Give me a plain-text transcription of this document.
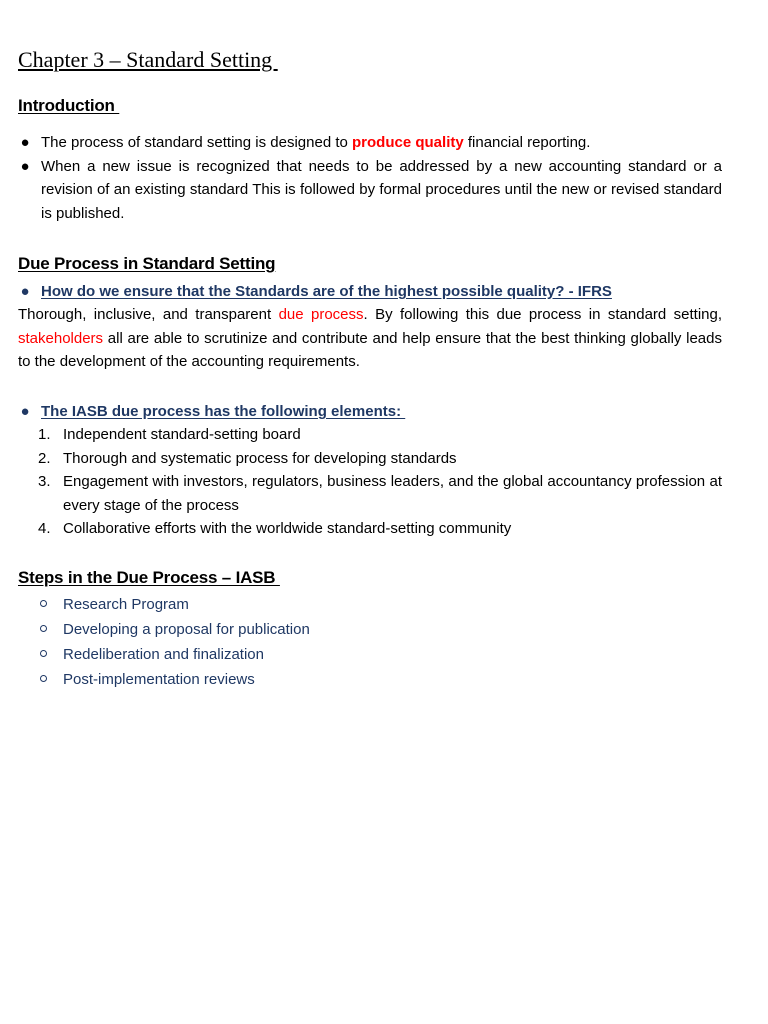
Chapter 3 – Standard Setting
Introduction
● The process of standard setting is designed to produce quality financial reporting.
● When a new issue is recognized that needs to be addressed by a new accounting standard or a revision of an existing standard This is followed by formal procedures until the new or revised standard is published.
Due Process in Standard Setting
● How do we ensure that the Standards are of the highest possible quality? - IFRS

Thorough, inclusive, and transparent due process. By following this due process in standard setting, stakeholders all are able to scrutinize and contribute and help ensure that the best thinking globally leads to the development of the accounting requirements.

● The IASB due process has the following elements:
1. Independent standard-setting board
2. Thorough and systematic process for developing standards
3. Engagement with investors, regulators, business leaders, and the global accountancy profession at every stage of the process
4. Collaborative efforts with the worldwide standard-setting community
Steps in the Due Process – IASB
Research Program
Developing a proposal for publication
Redeliberation and finalization
Post-implementation reviews
